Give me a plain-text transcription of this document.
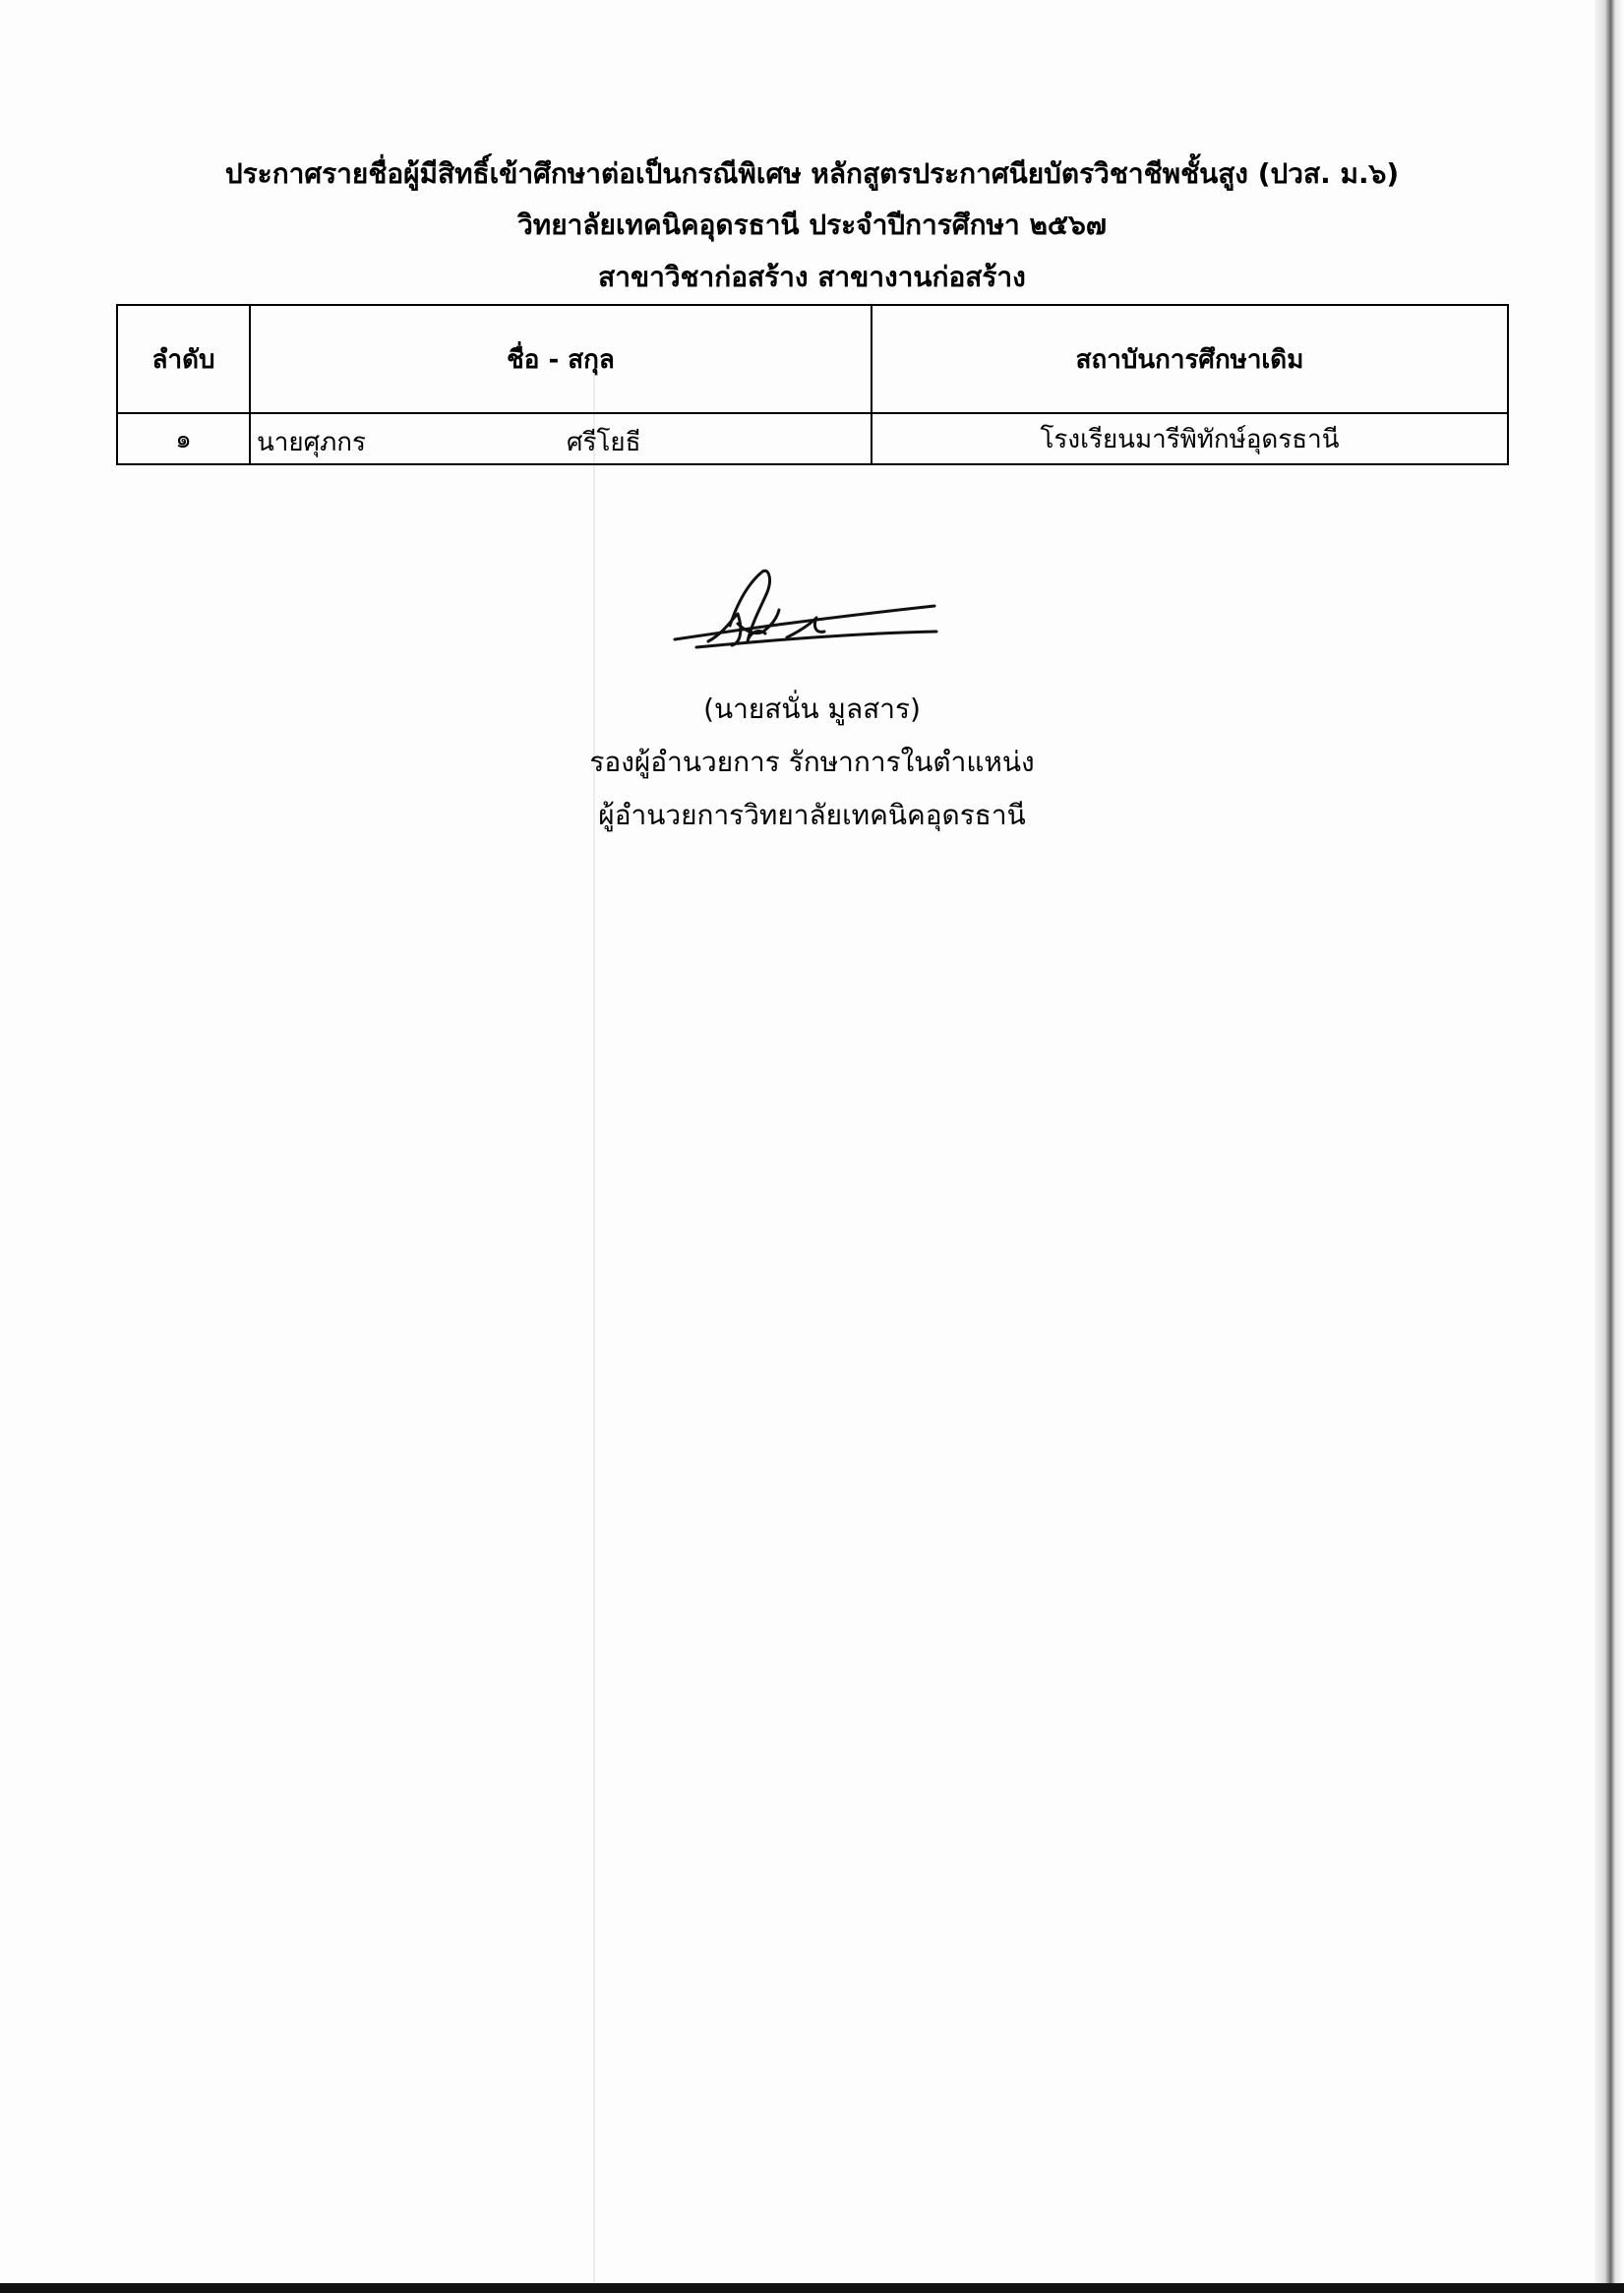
ประกาศรายชื่อผู้มีสิทธิ์เข้าศึกษาต่อเป็นกรณีพิเศษ หลักสูตรประกาศนียบัตรวิชาชีพชั้นสูง (ปวส. ม.๖)
วิทยาลัยเทคนิคอุดรธานี ประจำปีการศึกษา ๒๕๖๗
สาขาวิชาก่อสร้าง สาขางานก่อสร้าง
ลำดับ	ชื่อ - สกุล	สถาบันการศึกษาเดิม
๑	นายศุภกร ศรีโยธี	โรงเรียนมารีพิทักษ์อุดรธานี
(นายสนั่น มูลสาร)
รองผู้อำนวยการ รักษาการในตำแหน่ง
ผู้อำนวยการวิทยาลัยเทคนิคอุดรธานี
